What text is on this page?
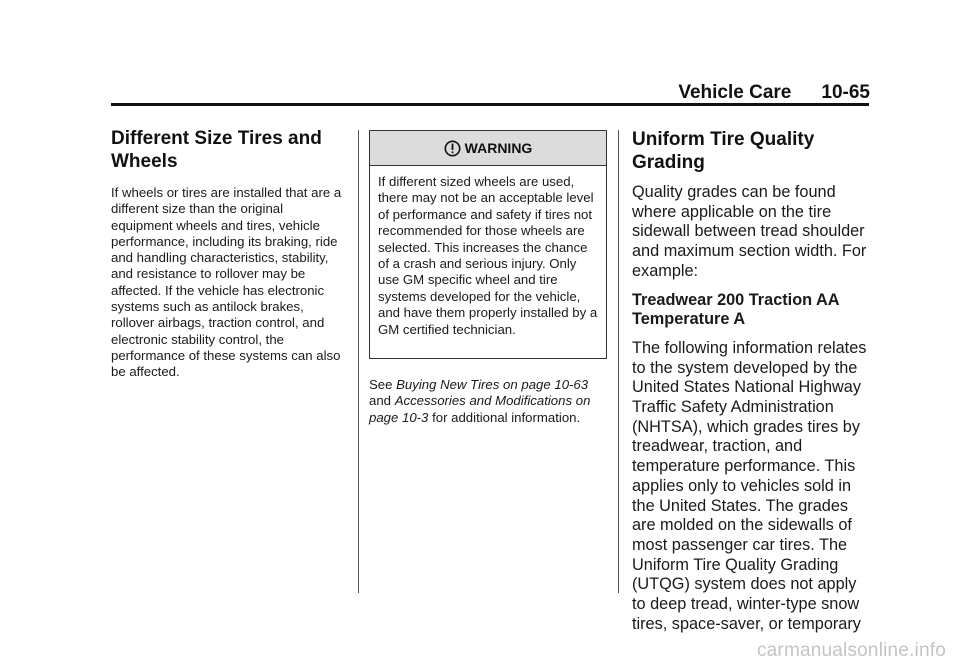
Vehicle Care 10-65
Different Size Tires and Wheels

If wheels or tires are installed that are a different size than the original equipment wheels and tires, vehicle performance, including its braking, ride and handling characteristics, stability, and resistance to rollover may be affected. If the vehicle has electronic systems such as antilock brakes, rollover airbags, traction control, and electronic stability control, the performance of these systems can also be affected.

WARNING
If different sized wheels are used, there may not be an acceptable level of performance and safety if tires not recommended for those wheels are selected. This increases the chance of a crash and serious injury. Only use GM specific wheel and tire systems developed for the vehicle, and have them properly installed by a GM certified technician.

See Buying New Tires on page 10-63 and Accessories and Modifications on page 10-3 for additional information.

Uniform Tire Quality Grading

Quality grades can be found where applicable on the tire sidewall between tread shoulder and maximum section width. For example:

Treadwear 200 Traction AA Temperature A

The following information relates to the system developed by the United States National Highway Traffic Safety Administration (NHTSA), which grades tires by treadwear, traction, and temperature performance. This applies only to vehicles sold in the United States. The grades are molded on the sidewalls of most passenger car tires. The Uniform Tire Quality Grading (UTQG) system does not apply to deep tread, winter-type snow tires, space-saver, or temporary

carmanualsonline.info
